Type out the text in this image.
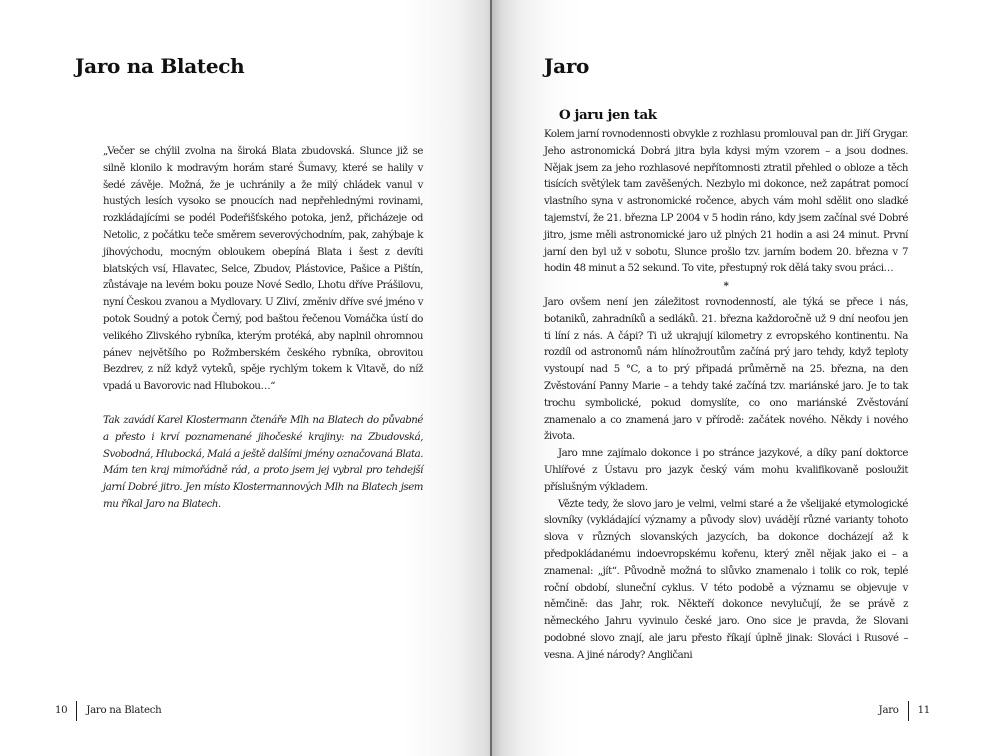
Jaro na Blatech

„Večer se chýlil zvolna na široká Blata zbudovská. Slunce již se silně klonilo k modravým horám staré Šumavy, které se halily v šedé závěje. Možná, že je uchránily a že milý chládek vanul v hustých lesích vysoko se pnoucích nad nepřehlednými rovinami, rozkládajícími se podél Podeřišťského potoka, jenž, přicházeje od Netolic, z počátku teče směrem severovýchodním, pak, zahýbaje k jihovýchodu, mocným obloukem obepíná Blata i šest z devíti blatských vsí, Hlavatec, Selce, Zbudov, Plástovice, Pašice a Pištín, zůstávaje na levém boku pouze Nové Sedlo, Lhotu dříve Prášilovu, nyní Českou zvanou a Mydlovary. U Zliví, změniv dříve své jméno v potok Soudný a potok Černý, pod baštou řečenou Vomáčka ústí do velikého Zlivského rybníka, kterým protéká, aby naplnil ohromnou pánev největšího po Rožmberském českého rybníka, obrovitou Bezdrev, z níž když vyteků, spěje rychlým tokem k Vltavě, do níž vpadá u Bavorovic nad Hlubokou…“

Tak zavádí Karel Klostermann čtenáře Mlh na Blatech do půvabné a přesto i krví poznamenané jihočeské krajiny: na Zbudovská, Svobodná, Hlubocká, Malá a ještě dalšími jmény označovaná Blata. Mám ten kraj mimořádně rád, a proto jsem jej vybral pro tehdejší jarní Dobré jitro. Jen místo Klostermannových Mlh na Blatech jsem mu říkal Jaro na Blatech.

10 Jaro na Blatech
Jaro
O jaru jen tak

Kolem jarní rovnodennosti obvykle z rozhlasu promlouval pan dr. Jiří Grygar. Jeho astronomická Dobrá jitra byla kdysi mým vzorem – a jsou dodnes. Nějak jsem za jeho rozhlasové nepřítomnosti ztratil přehled o obloze a těch tisících světýlek tam zavěšených. Nezbylo mi dokonce, než zapátrat pomocí vlastního syna v astronomické ročence, abych vám mohl sdělit ono sladké tajemství, že 21. března LP 2004 v 5 hodin ráno, kdy jsem začínal své Dobré jitro, jsme měli astronomické jaro už plných 21 hodin a asi 24 minut. První jarní den byl už v sobotu, Slunce prošlo tzv. jarním bodem 20. března v 7 hodin 48 minut a 52 sekund. To vite, přestupný rok dělá taky svou práci…

*

Jaro ovšem není jen záležitost rovnodenností, ale týká se přece i nás, botaniků, zahradníků a sedláků. 21. března každoročně už 9 dní neofou jen ti líní z nás. A čápi? Ti už ukrajují kilometry z evropského kontinentu. Na rozdíl od astronomů nám hlínožroutům začíná prý jaro tehdy, když teploty vystoupí nad 5 °C, a to prý připadá průměrně na 25. března, na den Zvěstování Panny Marie – a tehdy také začíná tzv. mariánské jaro. Je to tak trochu symbolické, pokud domyslíte, co ono mariánské Zvěstování znamenalo a co znamená jaro v přírodě: začátek nového. Někdy i nového života.

Jaro mne zajímalo dokonce i po stránce jazykové, a díky paní doktorce Uhlířové z Ústavu pro jazyk český vám mohu kvalifikovaně posloužit příslušným výkladem.

Vězte tedy, že slovo jaro je velmi, velmi staré a že všelijaké etymologické slovníky (vykládající významy a původy slov) uvádějí různé varianty tohoto slova v různých slovanských jazycích, ba dokonce docházejí až k předpokládanému indoevropskému kořenu, který zněl nějak jako ei – a znamenal: „jít“. Původně možná to slůvko znamenalo i tolik co rok, teplé roční období, sluneční cyklus. V této podobě a významu se objevuje v němčině: das Jahr, rok. Někteří dokonce nevylučují, že se právě z německého Jahru vyvinulo české jaro. Ono sice je pravda, že Slovani podobné slovo znají, ale jaru přesto říkají úplně jinak: Slováci i Rusové – vesna. A jiné národy? Angličani

Jaro 11
